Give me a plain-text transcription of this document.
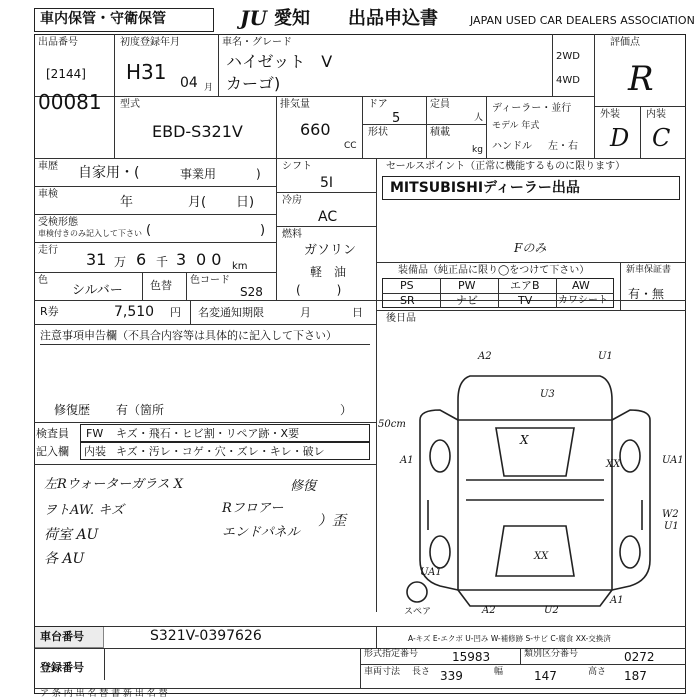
車内保管・守衛保管	JU 愛知 出品申込書	JAPAN USED CAR DEALERS ASSOCIATION
出品番号
[2144]
00081
初度登録年月
H31 04 月
車名・グレード
ハイゼット　V
カーゴ)
2WD
4WD
評価点
R
外装	内装
D C
型式
EBD-S321V
排気量
660
CC
ドア
5
形状
定員
人
積載
kg
ディーラー・並行
モデル 年式
ハンドル 左・右
車歴 自家用・(	事業用	)
車検
年	月( 日)
受検形態
車検付きのみ記入して下さい (	)
走行 31 万 6 千 3 0 0 km
色
シルバー 色替 色コード
S28
シフト
5I
冷房
AC
燃料
ガソリン
軽　油
(　　　)
セールスポイント（正常に機能するものに限ります）
MITSUBISHIディーラー出品
装備品（純正品に限り◯をつけて下さい）
Fのみ
PS	PW	エアB	AW
SR	ナビ	TV	カワシート
新車保証書
有・無
後日品
R券	7,510 円 名変通知期限	月	日
注意事項申告欄（不具合内容等は具体的に記入して下さい）
修復歴 有（箇所	）
検査員
記入欄
FW キズ・飛石・ヒビ割・リペア跡・X要
内装 キズ・汚レ・コゲ・穴・ズレ・キレ・破レ
50cm
左Rウォーターガラス X	修復
ヲトAW. キズ	Rフロアー
荷室 AU	エンドパネル
）歪
各 AU
A2	U1
U3
A1
X
XX	UA1
W2
U1
XX
UA1
A2	U2
A1
スペア
A-キズ E-エクボ U-凹み W-補修跡 S-サビ C-腐食 XX-交換済
車台番号	S321V-0397626
登録番号
形式指定番号	15983	類別区分番号	0272
車両寸法 長さ 339	幅	147	高さ 187
ア 条 内 出 名 替 書 新 出 名 替
